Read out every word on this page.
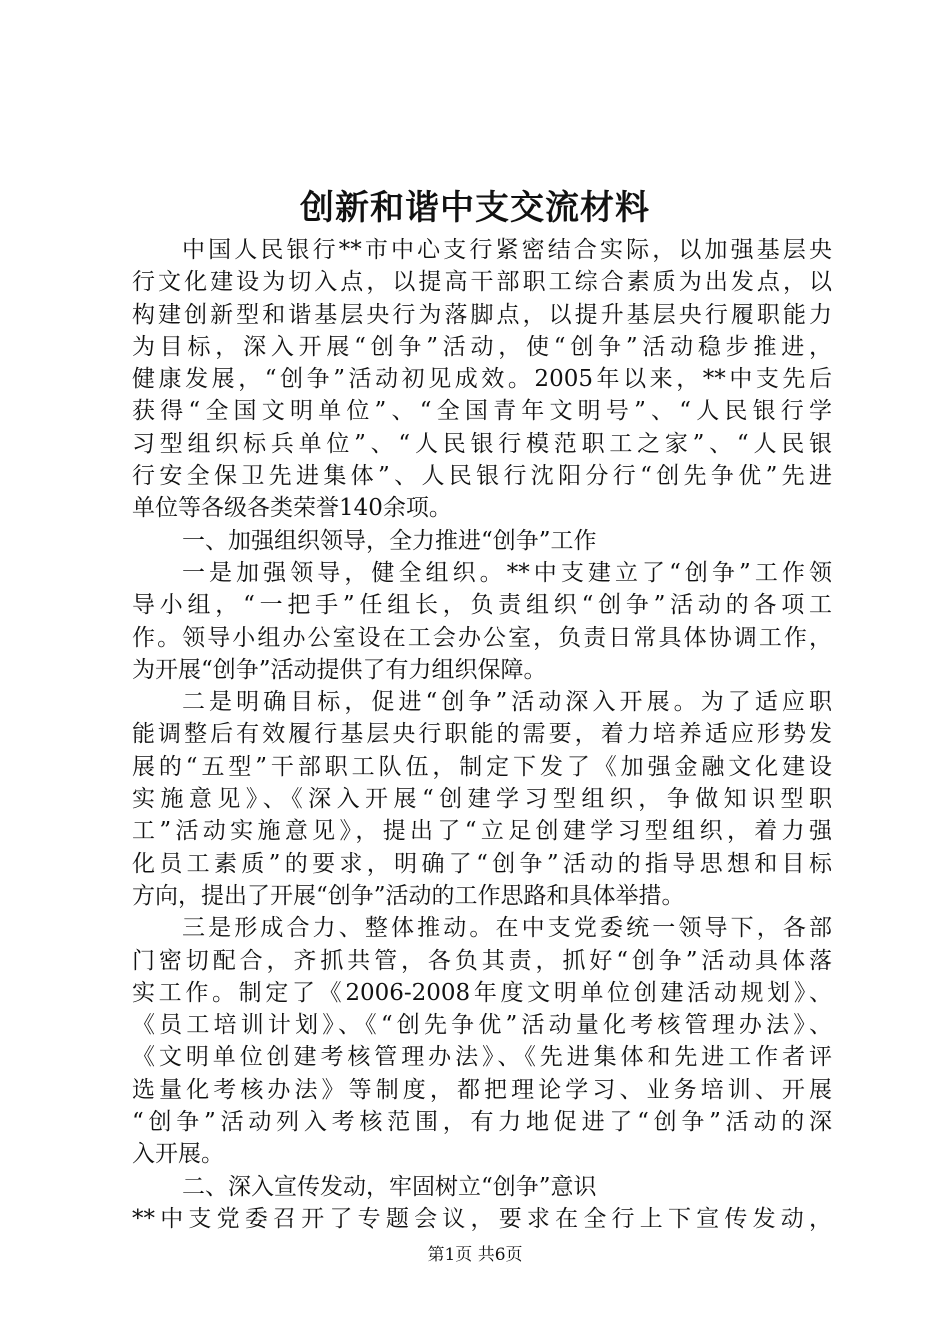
创新和谐中支交流材料
中国人民银行**市中心支行紧密结合实际，以加强基层央
行文化建设为切入点，以提高干部职工综合素质为出发点，以
构建创新型和谐基层央行为落脚点，以提升基层央行履职能力
为目标，深入开展“创争”活动，使“创争”活动稳步推进，
健康发展，“创争”活动初见成效。2005年以来，**中支先后
获得“全国文明单位”、“全国青年文明号”、“人民银行学
习型组织标兵单位”、“人民银行模范职工之家”、“人民银
行安全保卫先进集体”、人民银行沈阳分行“创先争优”先进
单位等各级各类荣誉140余项。
一、加强组织领导，全力推进“创争”工作
一是加强领导，健全组织。**中支建立了“创争”工作领
导小组，“一把手”任组长，负责组织“创争”活动的各项工
作。领导小组办公室设在工会办公室，负责日常具体协调工作，
为开展“创争”活动提供了有力组织保障。
二是明确目标，促进“创争”活动深入开展。为了适应职
能调整后有效履行基层央行职能的需要，着力培养适应形势发
展的“五型”干部职工队伍，制定下发了《加强金融文化建设
实施意见》、《深入开展“创建学习型组织，争做知识型职
工”活动实施意见》，提出了“立足创建学习型组织，着力强
化员工素质”的要求，明确了“创争”活动的指导思想和目标
方向，提出了开展“创争”活动的工作思路和具体举措。
三是形成合力、整体推动。在中支党委统一领导下，各部
门密切配合，齐抓共管，各负其责，抓好“创争”活动具体落
实工作。制定了《2006-2008年度文明单位创建活动规划》、
《员工培训计划》、《“创先争优”活动量化考核管理办法》、
《文明单位创建考核管理办法》、《先进集体和先进工作者评
选量化考核办法》等制度，都把理论学习、业务培训、开展
“创争”活动列入考核范围，有力地促进了“创争”活动的深
入开展。
二、深入宣传发动，牢固树立“创争”意识
**中支党委召开了专题会议，要求在全行上下宣传发动，
第1页 共6页
